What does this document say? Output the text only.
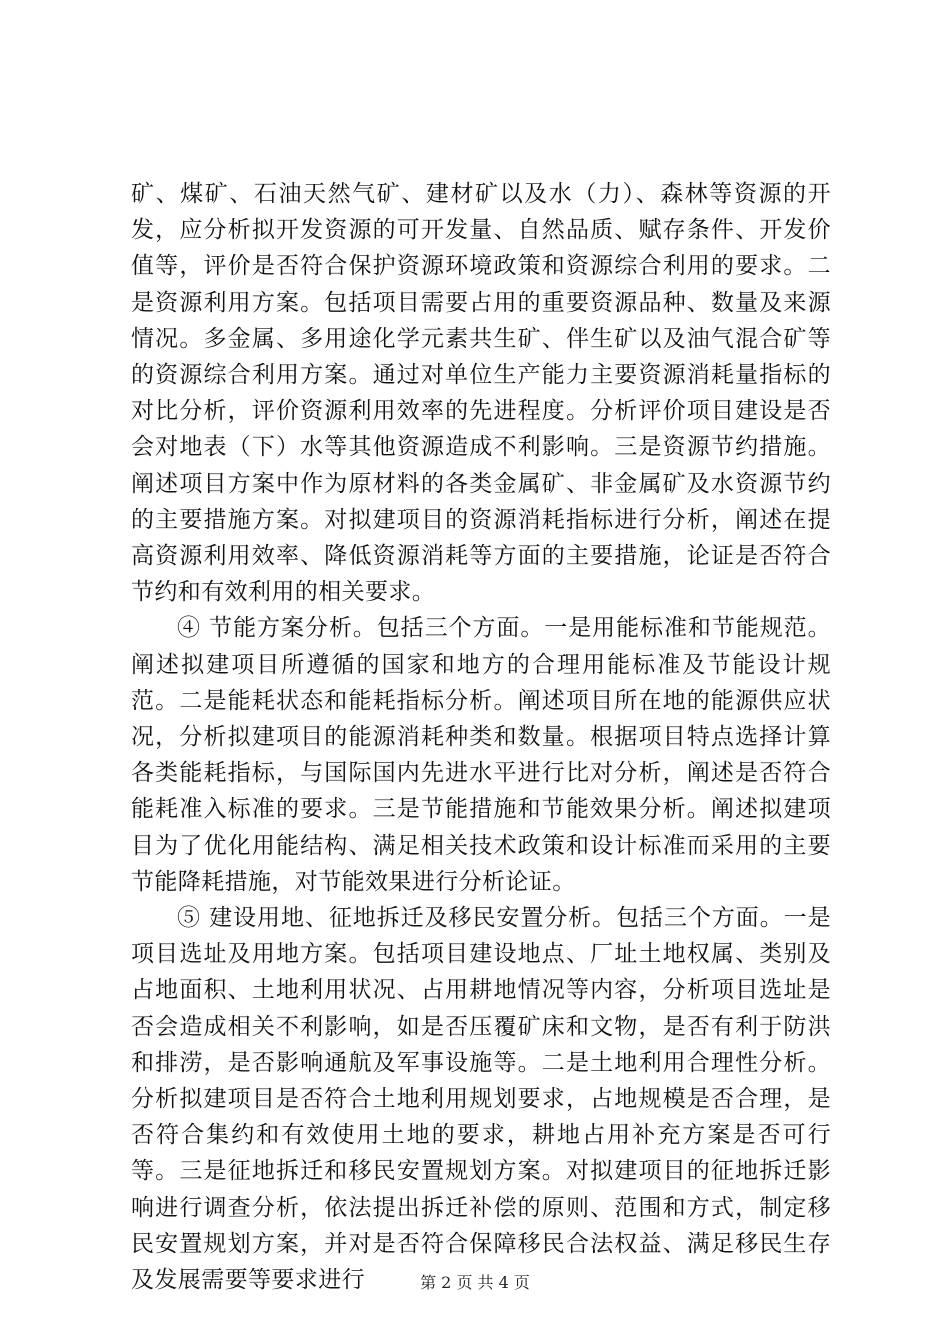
矿、煤矿、石油天然气矿、建材矿以及水（力）、森林等资源的开发，应分析拟开发资源的可开发量、自然品质、赋存条件、开发价值等，评价是否符合保护资源环境政策和资源综合利用的要求。二是资源利用方案。包括项目需要占用的重要资源品种、数量及来源情况。多金属、多用途化学元素共生矿、伴生矿以及油气混合矿等的资源综合利用方案。通过对单位生产能力主要资源消耗量指标的对比分析，评价资源利用效率的先进程度。分析评价项目建设是否会对地表（下）水等其他资源造成不利影响。三是资源节约措施。阐述项目方案中作为原材料的各类金属矿、非金属矿及水资源节约的主要措施方案。对拟建项目的资源消耗指标进行分析，阐述在提高资源利用效率、降低资源消耗等方面的主要措施，论证是否符合节约和有效利用的相关要求。

④ 节能方案分析。包括三个方面。一是用能标准和节能规范。阐述拟建项目所遵循的国家和地方的合理用能标准及节能设计规范。二是能耗状态和能耗指标分析。阐述项目所在地的能源供应状况，分析拟建项目的能源消耗种类和数量。根据项目特点选择计算各类能耗指标，与国际国内先进水平进行比对分析，阐述是否符合能耗准入标准的要求。三是节能措施和节能效果分析。阐述拟建项目为了优化用能结构、满足相关技术政策和设计标准而采用的主要节能降耗措施，对节能效果进行分析论证。

⑤ 建设用地、征地拆迁及移民安置分析。包括三个方面。一是项目选址及用地方案。包括项目建设地点、厂址土地权属、类别及占地面积、土地利用状况、占用耕地情况等内容，分析项目选址是否会造成相关不利影响，如是否压覆矿床和文物，是否有利于防洪和排涝，是否影响通航及军事设施等。二是土地利用合理性分析。分析拟建项目是否符合土地利用规划要求，占地规模是否合理，是否符合集约和有效使用土地的要求，耕地占用补充方案是否可行等。三是征地拆迁和移民安置规划方案。对拟建项目的征地拆迁影响进行调查分析，依法提出拆迁补偿的原则、范围和方式，制定移民安置规划方案，并对是否符合保障移民合法权益、满足移民生存及发展需要等要求进行	第 2 页 共 4 页
